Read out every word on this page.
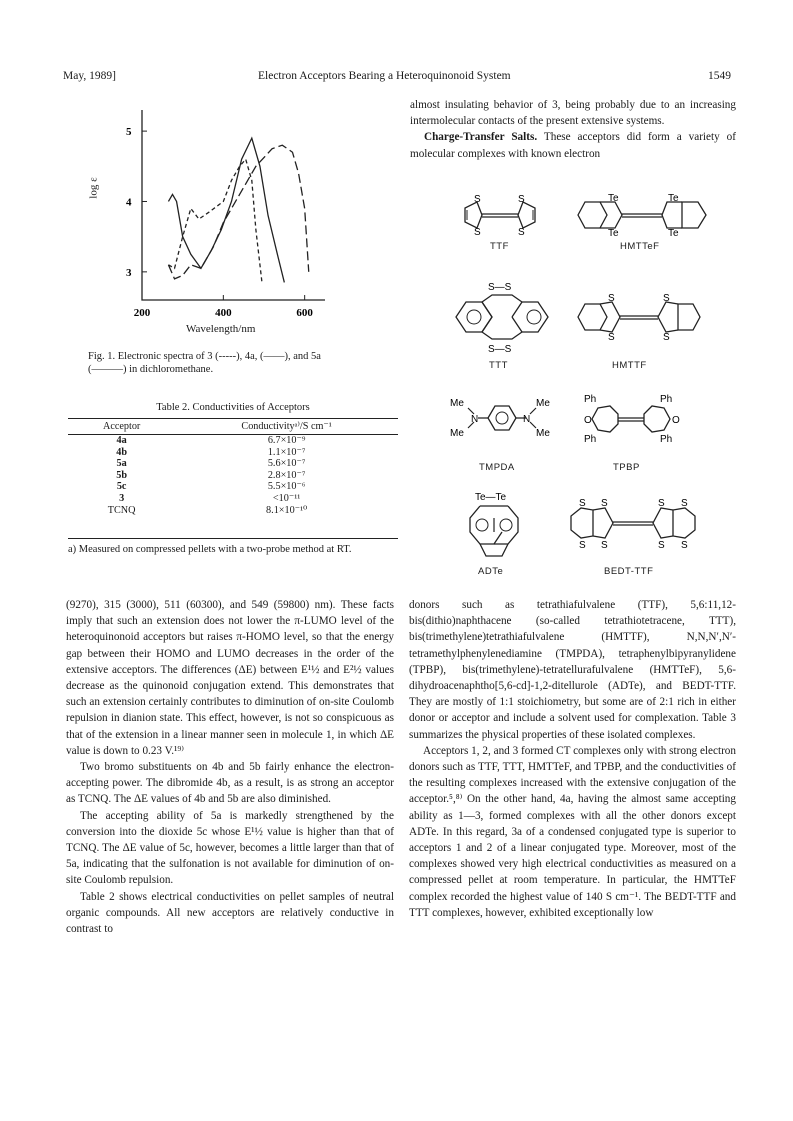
May, 1989]	Electron Acceptors Bearing a Heteroquinonoid System	1549
200	400	600
3
4
5
Wavelength/nm
log ε
Fig. 1. Electronic spectra of 3 (-----), 4a, (——), and 5a (———) in dichloromethane.
Table 2. Conductivities of Acceptors
Acceptor	Conductivityᵃ⁾/S cm⁻¹
4a	6.7×10⁻⁹
4b	1.1×10⁻⁷
5a	5.6×10⁻⁷
5b	2.8×10⁻⁷
5c	5.5×10⁻⁶
3	<10⁻¹¹
TCNQ	8.1×10⁻¹⁰
a) Measured on compressed pellets with a two-probe method at RT.

(9270), 315 (3000), 511 (60300), and 549 (59800) nm). These facts imply that such an extension does not lower the π-LUMO level of the heteroquinonoid acceptors but raises π-HOMO level, so that the energy gap between their HOMO and LUMO decreases in the order of the extensive acceptors. The differences (ΔE) between E¹½ and E²½ values decrease as the quinonoid conjugation extend. This demonstrates that such an extension certainly contributes to diminution of on-site Coulomb repulsion in dianion state. This effect, however, is not so conspicuous as that of the extension in a linear manner seen in molecule 1, in which ΔE value is down to 0.23 V.¹⁹⁾

Two bromo substituents on 4b and 5b fairly enhance the electron-accepting power. The dibromide 4b, as a result, is as strong an acceptor as TCNQ. The ΔE values of 4b and 5b are also diminished.

The accepting ability of 5a is markedly strengthened by the conversion into the dioxide 5c whose E¹½ value is higher than that of TCNQ. The ΔE value of 5c, however, becomes a little larger than that of 5a, indicating that the sulfonation is not available for diminution of on-site Coulomb repulsion.

Table 2 shows electrical conductivities on pellet samples of neutral organic compounds. All new acceptors are relatively conductive in contrast to

almost insulating behavior of 3, being probably due to an increasing intermolecular contacts of the present extensive systems.

Charge-Transfer Salts. These acceptors did form a variety of molecular complexes with known electron

S
S
S
S
TTF
Te
Te
Te
Te
HMTTeF
S—S
S—S
TTT
S
S
S
S
HMTTF
Me
Me
Me
Me
N	N
TMPDA
Ph
Ph
Ph
Ph
O	O
TPBP
Te—Te
ADTe
S S
S S
S S
S S
BEDT-TTF

donors such as tetrathiafulvalene (TTF), 5,6:11,12-bis(dithio)naphthacene (so-called tetrathiotetracene, TTT), bis(trimethylene)tetrathiafulvalene (HMTTF), N,N,N′,N′-tetramethylphenylenediamine (TMPDA), tetraphenylbipyranylidene (TPBP), bis(trimethylene)-tetratellurafulvalene (HMTTeF), 5,6-dihydroacenaphtho[5,6-cd]-1,2-ditellurole (ADTe), and BEDT-TTF. They are mostly of 1:1 stoichiometry, but some are of 2:1 rich in either donor or acceptor and include a solvent used for complexation. Table 3 summarizes the physical properties of these isolated complexes.

Acceptors 1, 2, and 3 formed CT complexes only with strong electron donors such as TTF, TTT, HMTTeF, and TPBP, and the conductivities of the resulting complexes increased with the extensive conjugation of the acceptor.⁵,⁸⁾ On the other hand, 4a, having the almost same accepting ability as 1—3, formed complexes with all the other donors except ADTe. In this regard, 3a of a condensed conjugated type is superior to acceptors 1 and 2 of a linear conjugated type. Moreover, most of the complexes showed very high electrical conductivities as measured on a compressed pellet at room temperature. In particular, the HMTTeF complex recorded the highest value of 140 S cm⁻¹. The BEDT-TTF and TTT complexes, however, exhibited exceptionally low
